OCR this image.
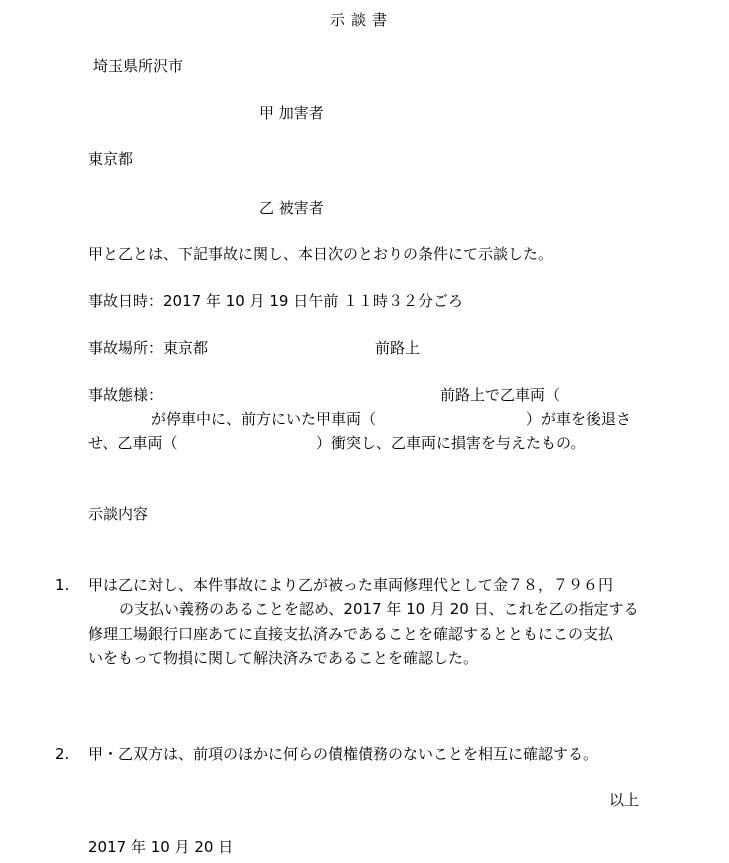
示談書
埼玉県所沢市
甲 加害者
東京都
乙 被害者
甲と乙とは、下記事故に関し、本日次のとおりの条件にて示談した。
事故日時：2017 年 10 月 19 日午前 １１時３２分ごろ
事故場所：東京都	前路上
事故態様：	前路上で乙車両（
が停車中に、前方にいた甲車両（	）が車を後退さ
せ、乙車両（	）衝突し、乙車両に損害を与えたもの。
示談内容
1. 甲は乙に対し、本件事故により乙が被った車両修理代として金７８，７９６円
の支払い義務のあることを認め、2017 年 10 月 20 日、これを乙の指定する
修理工場銀行口座あてに直接支払済みであることを確認するとともにこの支払
いをもって物損に関して解決済みであることを確認した。
2. 甲・乙双方は、前項のほかに何らの債権債務のないことを相互に確認する。
以上
2017 年 10 月 20 日
